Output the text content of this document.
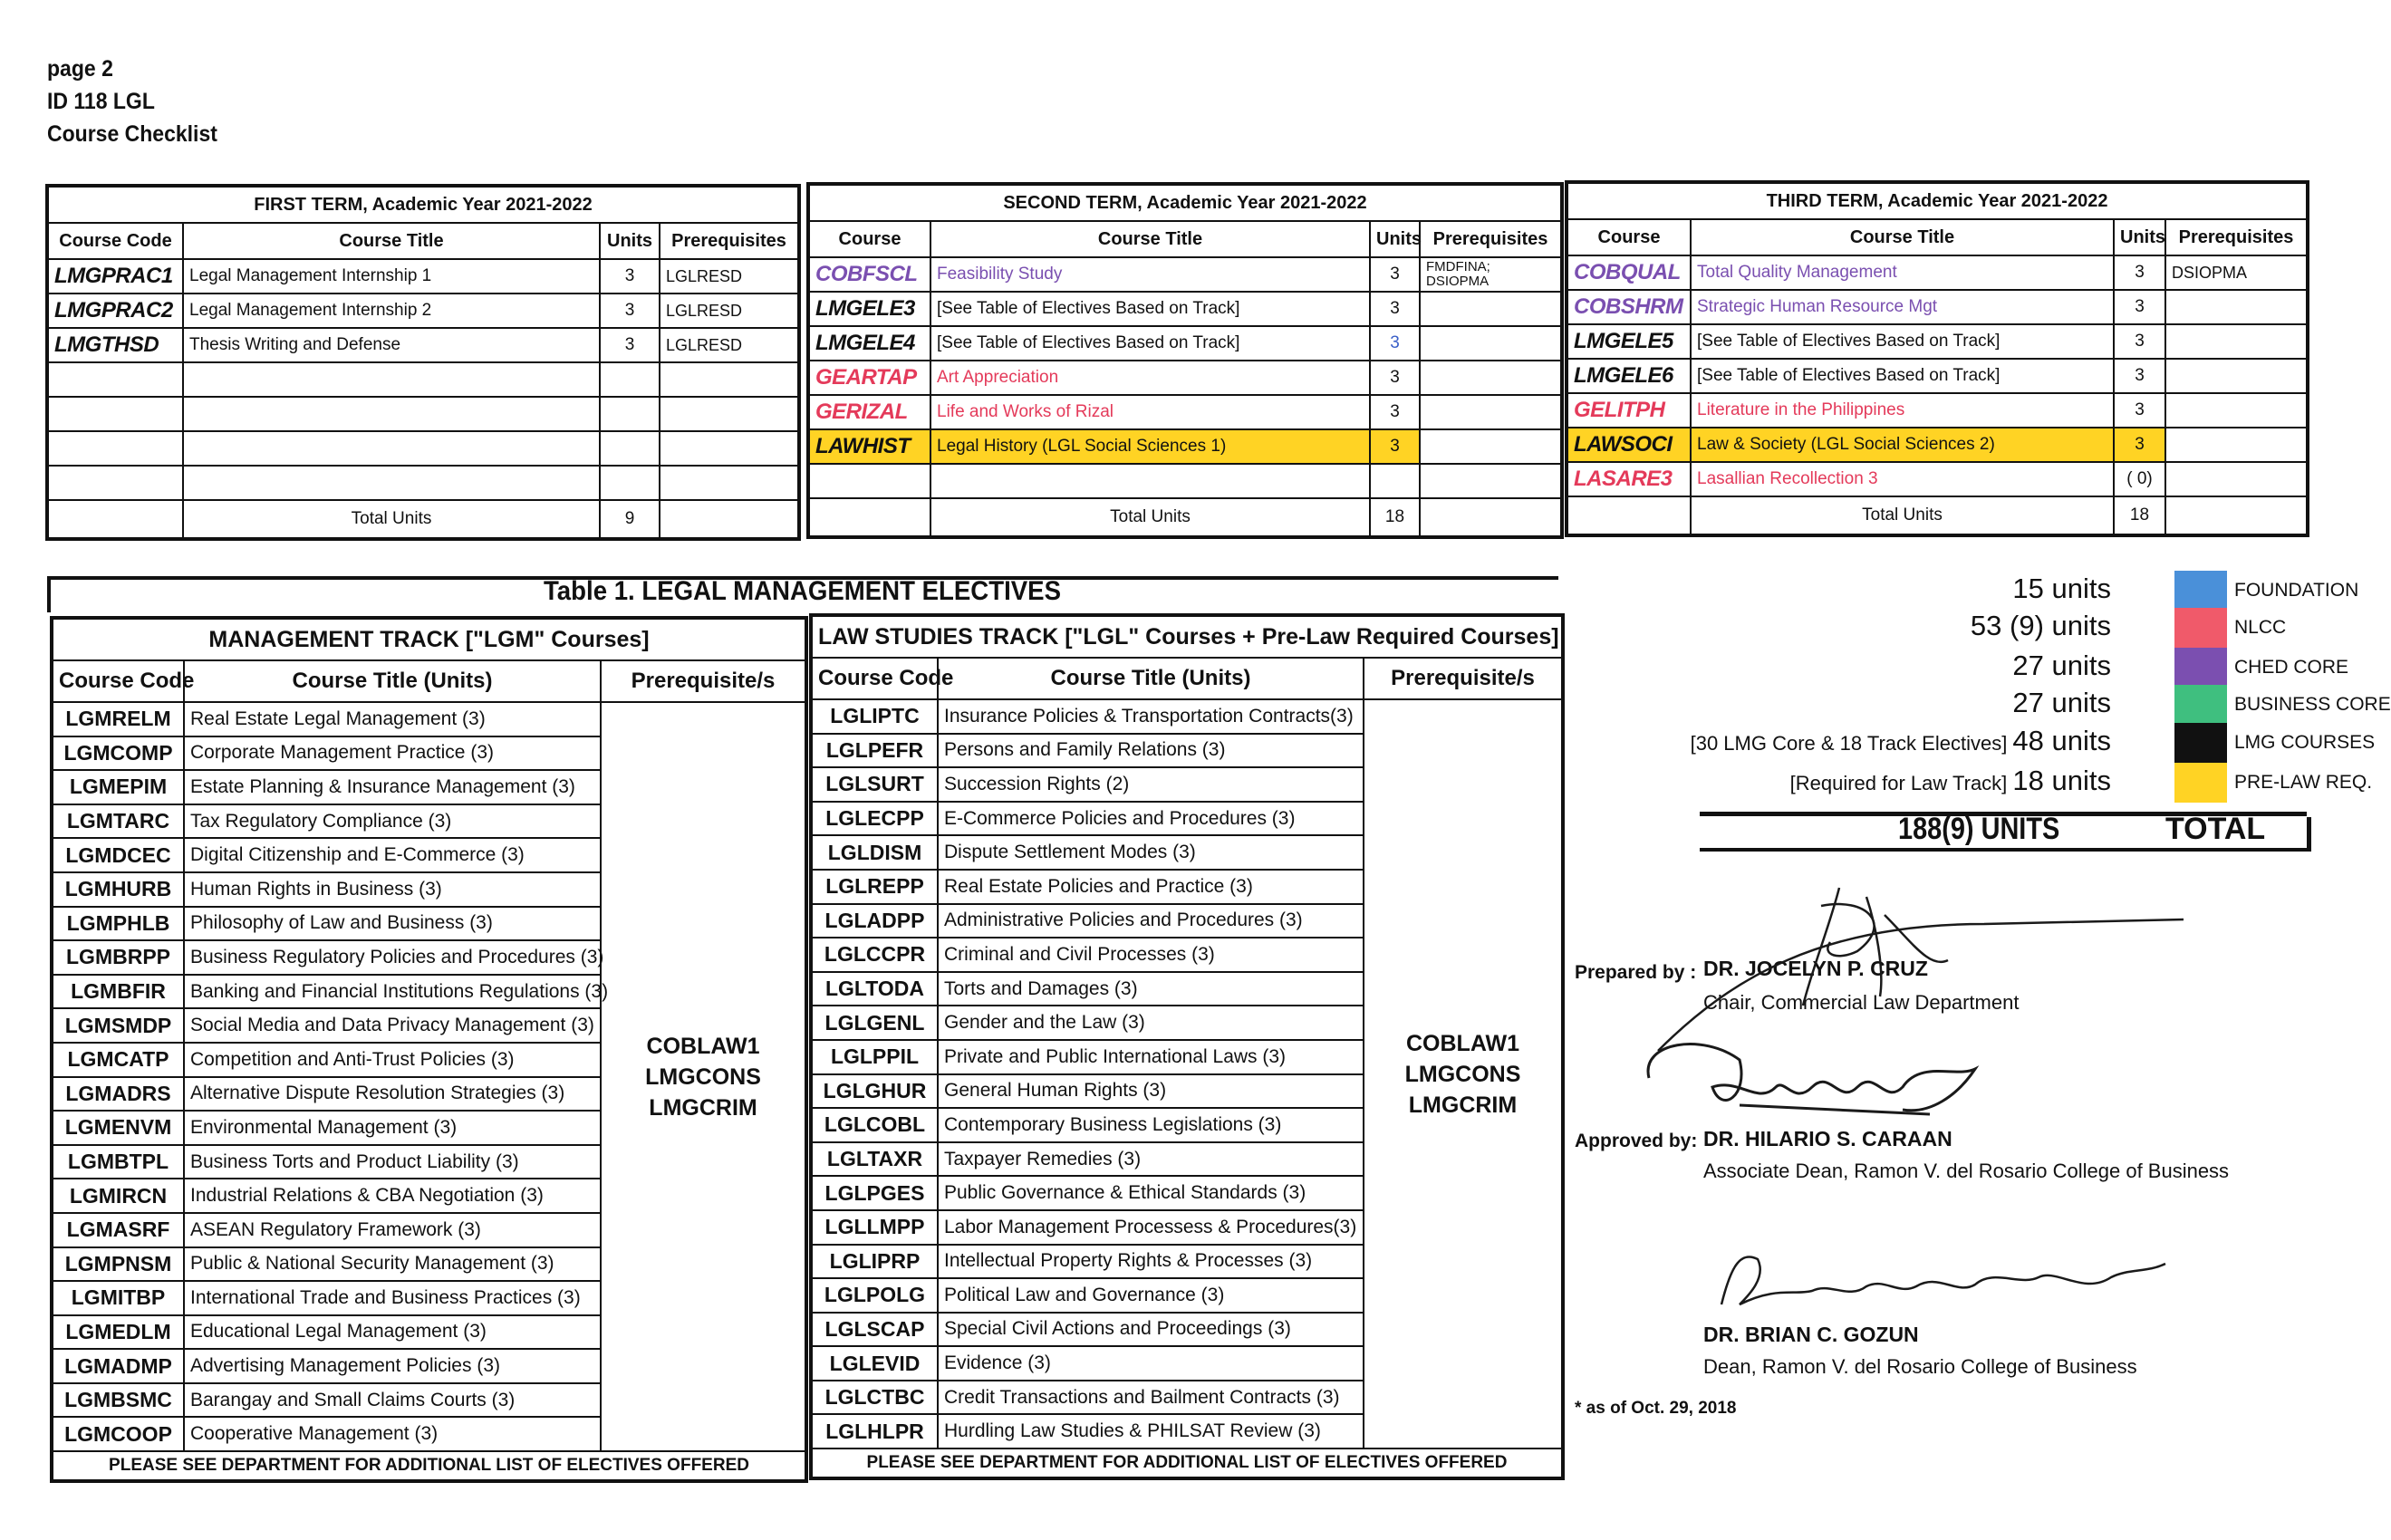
page 2
ID 118 LGL
Course Checklist
FIRST TERM, Academic Year 2021-2022			
Course Code	Course Title	Units	Prerequisites
LMGPRAC1	Legal Management Internship 1	3	LGLRESD
LMGPRAC2	Legal Management Internship 2	3	LGLRESD
LMGTHSD	Thesis Writing and Defense	3	LGLRESD

	Total Units	9	
SECOND TERM, Academic Year 2021-2022			
Course	Course Title	Units	Prerequisites
COBFSCL	Feasibility Study	3	FMDFINA; DSIOPMA
LMGELE3	[See Table of Electives Based on Track]	3	
LMGELE4	[See Table of Electives Based on Track]	3	
GEARTAP	Art Appreciation	3	
GERIZAL	Life and Works of Rizal	3	
LAWHIST	Legal History (LGL Social Sciences 1)	3	

	Total Units	18	
THIRD TERM, Academic Year 2021-2022			
Course	Course Title	Units	Prerequisites
COBQUAL	Total Quality Management	3	DSIOPMA
COBSHRM	Strategic Human Resource Mgt	3	
LMGELE5	[See Table of Electives Based on Track]	3	
LMGELE6	[See Table of Electives Based on Track]	3	
GELITPH	Literature in the Philippines	3	
LAWSOCI	Law & Society (LGL Social Sciences 2)	3	
LASARE3	Lasallian Recollection 3	( 0)	
	Total Units	18	
Table 1. LEGAL MANAGEMENT ELECTIVES
MANAGEMENT TRACK ["LGM" Courses]		
Course Code	Course Title (Units)	Prerequisite/s
LGMRELM	Real Estate Legal Management (3)	COBLAW1
LMGCONS
LMGCRIM

LGMCOMP	Corporate Management Practice (3)	
LGMEPIM	Estate Planning & Insurance Management (3)	
LGMTARC	Tax Regulatory Compliance (3)	
LGMDCEC	Digital Citizenship and E-Commerce (3)	
LGMHURB	Human Rights in Business (3)	
LGMPHLB	Philosophy of Law and Business (3)	
LGMBRPP	Business Regulatory Policies and Procedures (3)	
LGMBFIR	Banking and Financial Institutions Regulations (3)	
LGMSMDP	Social Media and Data Privacy Management (3)	
LGMCATP	Competition and Anti-Trust Policies (3)	
LGMADRS	Alternative Dispute Resolution Strategies (3)	
LGMENVM	Environmental Management (3)	
LGMBTPL	Business Torts and Product Liability (3)	
LGMIRCN	Industrial Relations & CBA Negotiation (3)	
LGMASRF	ASEAN Regulatory Framework (3)	
LGMPNSM	Public & National Security Management (3)	
LGMITBP	International Trade and Business Practices (3)	
LGMEDLM	Educational Legal Management (3)	
LGMADMP	Advertising Management Policies (3)	
LGMBSMC	Barangay and Small Claims Courts (3)	
LGMCOOP	Cooperative Management (3)	
PLEASE SEE DEPARTMENT FOR ADDITIONAL LIST OF ELECTIVES OFFERED		
LAW STUDIES TRACK ["LGL" Courses + Pre-Law Required Courses]		
Course Code	Course Title (Units)	Prerequisite/s
LGLIPTC	Insurance Policies & Transportation Contracts(3)	COBLAW1
LMGCONS
LMGCRIM

LGLPEFR	Persons and Family Relations (3)	
LGLSURT	Succession Rights (2)	
LGLECPP	E-Commerce Policies and Procedures (3)	
LGLDISM	Dispute Settlement Modes (3)	
LGLREPP	Real Estate Policies and Practice (3)	
LGLADPP	Administrative Policies and Procedures (3)	
LGLCCPR	Criminal and Civil Processes (3)	
LGLTODA	Torts and Damages (3)	
LGLGENL	Gender and the Law (3)	
LGLPPIL	Private and Public International Laws (3)	
LGLGHUR	General Human Rights (3)	
LGLCOBL	Contemporary Business Legislations (3)	
LGLTAXR	Taxpayer Remedies (3)	
LGLPGES	Public Governance & Ethical Standards (3)	
LGLLMPP	Labor Management Processess & Procedures(3)	
LGLIPRP	Intellectual Property Rights & Processes (3)	
LGLPOLG	Political Law and Governance (3)	
LGLSCAP	Special Civil Actions and Proceedings (3)	
LGLEVID	Evidence (3)	
LGLCTBC	Credit Transactions and Bailment Contracts (3)	
LGLHLPR	Hurdling Law Studies & PHILSAT Review (3)	
PLEASE SEE DEPARTMENT FOR ADDITIONAL LIST OF ELECTIVES OFFERED		
15 units	FOUNDATION
53 (9) units	NLCC
27 units	CHED CORE
27 units	BUSINESS CORE
[30 LMG Core & 18 Track Electives] 48 units	LMG COURSES
[Required for Law Track] 18 units	PRE-LAW REQ.
188(9) UNITS	TOTAL
Prepared by : DR. JOCELYN P. CRUZ
Chair, Commercial Law Department
Approved by: DR. HILARIO S. CARAAN
Associate Dean, Ramon V. del Rosario College of Business
DR. BRIAN C. GOZUN
Dean, Ramon V. del Rosario College of Business
* as of Oct. 29, 2018
